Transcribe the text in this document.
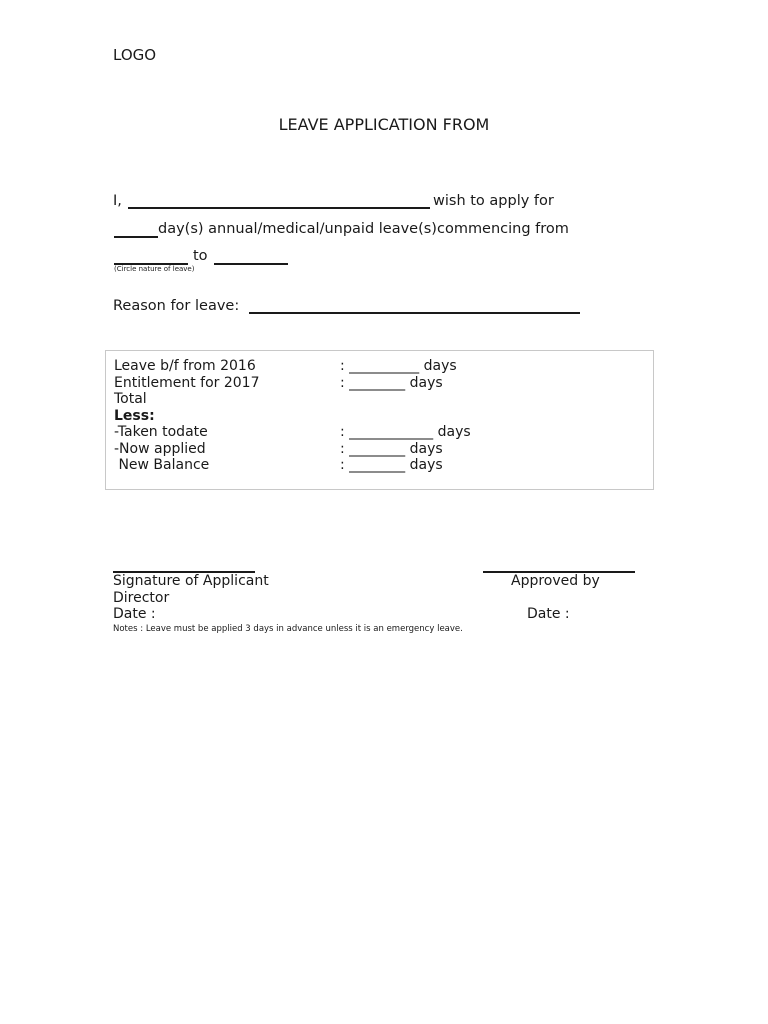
LOGO
LEAVE APPLICATION FROM
I,	wish to apply for
day(s) annual/medical/unpaid leave(s)commencing from
to
(Circle nature of leave)
Reason for leave:
Leave b/f from 2016	: __________ days
Entitlement for 2017	: ________ days
Total
Less:
-Taken todate	: ____________ days
-Now applied	: ________ days
New Balance	: ________ days
Signature of Applicant	Approved by
Director
Date :	Date :
Notes : Leave must be applied 3 days in advance unless it is an emergency leave.
